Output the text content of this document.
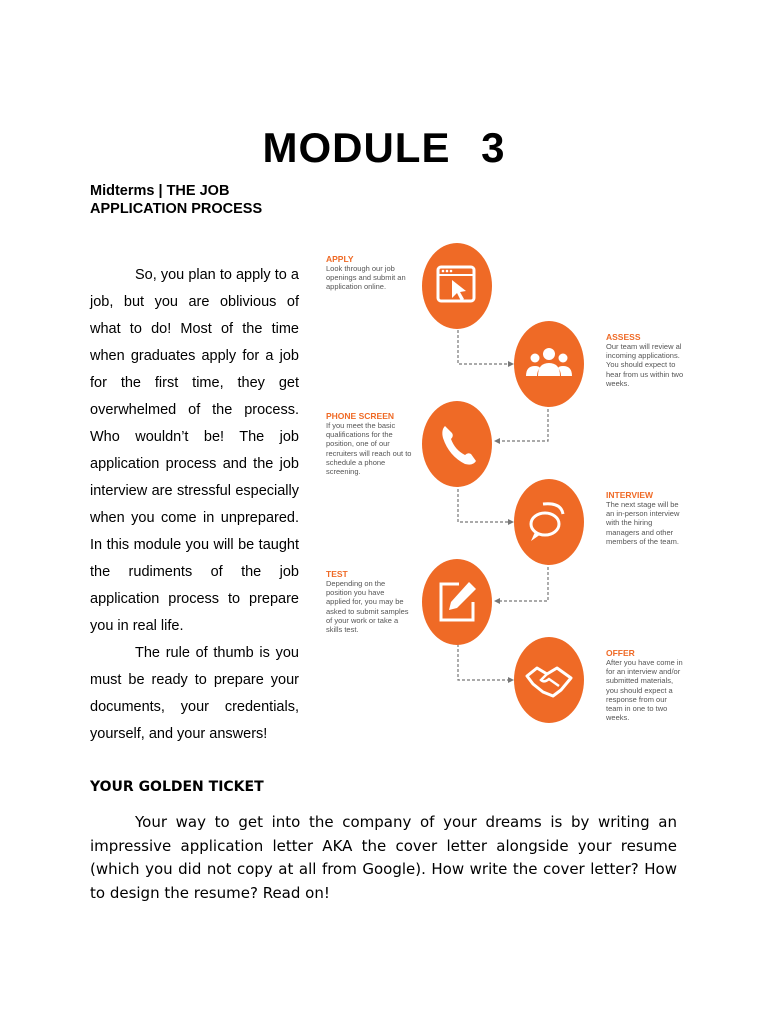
MODULE 3
Midterms | THE JOB APPLICATION PROCESS

So, you plan to apply to a job, but you are oblivious of what to do! Most of the time when graduates apply for a job for the first time, they get overwhelmed of the process. Who wouldn’t be! The job application process and the job interview are stressful especially when you come in unprepared. In this module you will be taught the rudiments of the job application process to prepare you in real life.

The rule of thumb is you must be ready to prepare your documents, your credentials, yourself, and your answers!

APPLY
Look through our job openings and submit an application online.
ASSESS
Our team will review al incoming applications. You should expect to hear from us within two weeks.
PHONE SCREEN
If you meet the basic qualifications for the position, one of our recruiters will reach out to schedule a phone screening.
INTERVIEW
The next stage will be an in-person interview with the hiring managers and other members of the team.
TEST
Depending on the position you have applied for, you may be asked to submit samples of your work or take a skills test.
OFFER
After you have come in for an interview and/or submitted materials, you should expect a response from our team in one to two weeks.
YOUR GOLDEN TICKET

Your way to get into the company of your dreams is by writing an impressive application letter AKA the cover letter alongside your resume (which you did not copy at all from Google). How write the cover letter? How to design the resume? Read on!
